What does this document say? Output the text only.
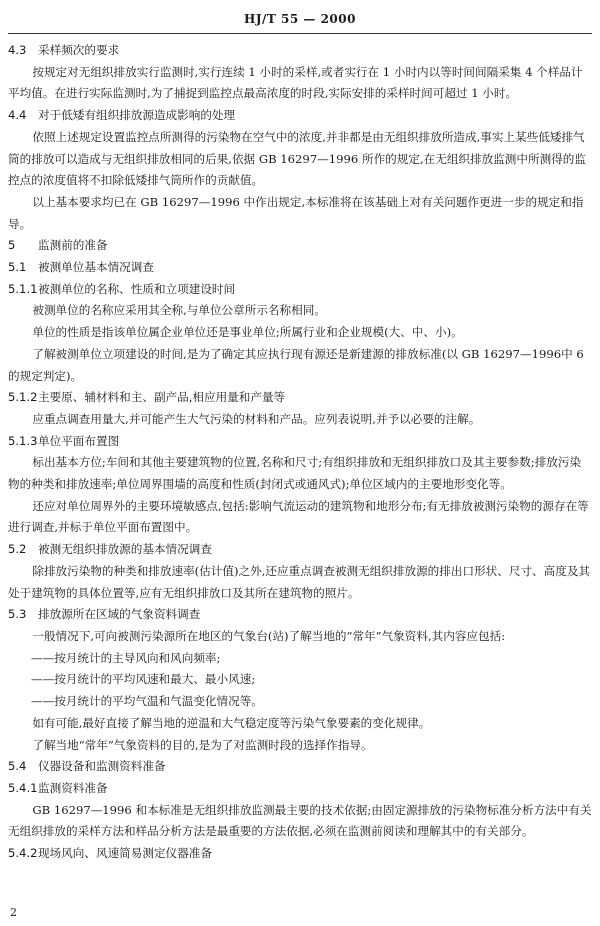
HJ/T 55 — 2000

4.3 采样频次的要求

按规定对无组织排放实行监测时,实行连续 1 小时的采样,或者实行在 1 小时内以等时间间隔采集 4 个样品计平均值。在进行实际监测时,为了捕捉到监控点最高浓度的时段,实际安排的采样时间可超过 1 小时。

4.4 对于低矮有组织排放源造成影响的处理

依照上述规定设置监控点所测得的污染物在空气中的浓度,并非都是由无组织排放所造成,事实上某些低矮排气筒的排放可以造成与无组织排放相同的后果,依据 GB 16297—1996 所作的规定,在无组织排放监测中所测得的监控点的浓度值将不扣除低矮排气筒所作的贡献值。

以上基本要求均已在 GB 16297—1996 中作出规定,本标准将在该基础上对有关问题作更进一步的规定和指导。

5 监测前的准备

5.1 被测单位基本情况调查

5.1.1被测单位的名称、性质和立项建设时间

被测单位的名称应采用其全称,与单位公章所示名称相同。

单位的性质是指该单位属企业单位还是事业单位;所属行业和企业规模(大、中、小)。

了解被测单位立项建设的时间,是为了确定其应执行现有源还是新建源的排放标准(以 GB 16297—1996中 6 的规定判定)。

5.1.2主要原、辅材料和主、副产品,相应用量和产量等

应重点调查用量大,并可能产生大气污染的材料和产品。应列表说明,并予以必要的注解。

5.1.3单位平面布置图

标出基本方位;车间和其他主要建筑物的位置,名称和尺寸;有组织排放和无组织排放口及其主要参数;排放污染物的种类和排放速率;单位周界围墙的高度和性质(封闭式或通风式);单位区域内的主要地形变化等。

还应对单位周界外的主要环境敏感点,包括:影响气流运动的建筑物和地形分布;有无排放被测污染物的源存在等进行调查,并标于单位平面布置图中。

5.2 被测无组织排放源的基本情况调查

除排放污染物的种类和排放速率(估计值)之外,还应重点调查被测无组织排放源的排出口形状、尺寸、高度及其处于建筑物的具体位置等,应有无组织排放口及其所在建筑物的照片。

5.3 排放源所在区域的气象资料调查

一般情况下,可向被测污染源所在地区的气象台(站)了解当地的“常年”气象资料,其内容应包括:

——按月统计的主导风向和风向频率;

——按月统计的平均风速和最大、最小风速;

——按月统计的平均气温和气温变化情况等。

如有可能,最好直接了解当地的逆温和大气稳定度等污染气象要素的变化规律。

了解当地“常年”气象资料的目的,是为了对监测时段的选择作指导。

5.4 仪器设备和监测资料准备

5.4.1监测资料准备

GB 16297—1996 和本标准是无组织排放监测最主要的技术依据;由固定源排放的污染物标准分析方法中有关无组织排放的采样方法和样品分析方法是最重要的方法依据,必须在监测前阅读和理解其中的有关部分。

5.4.2现场风向、风速简易测定仪器准备

2
